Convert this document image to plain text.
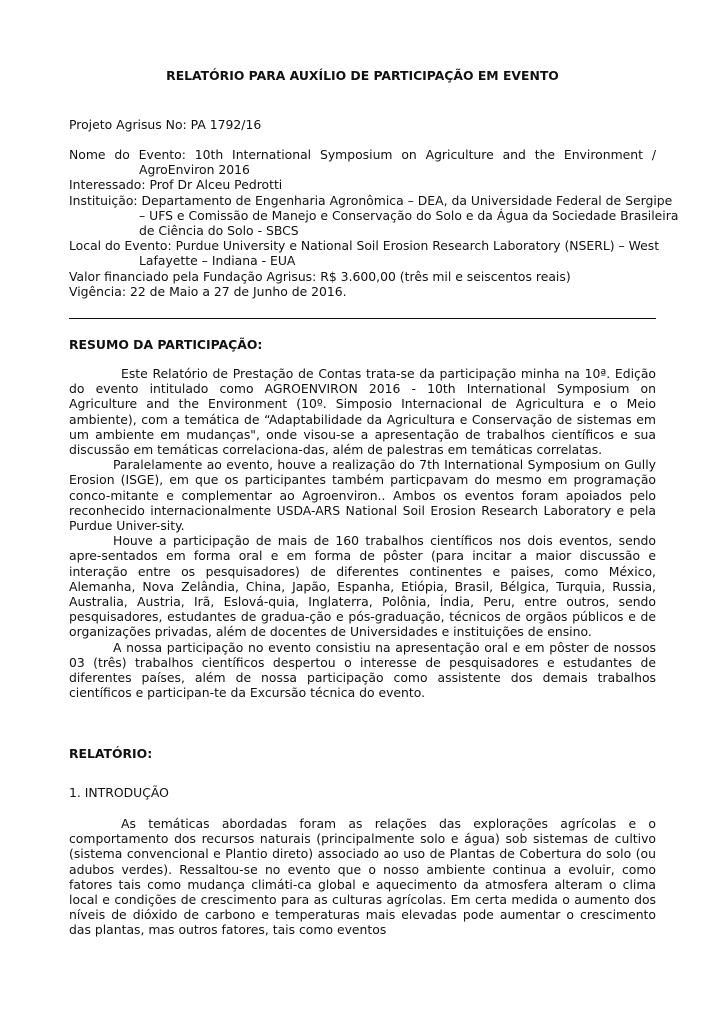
RELATÓRIO PARA AUXÍLIO DE PARTICIPAÇÃO EM EVENTO
Projeto Agrisus No: PA 1792/16
Nome do Evento: 10th International Symposium on Agriculture and the Environment /
AgroEnviron 2016
Interessado: Prof Dr Alceu Pedrotti
Instituição: Departamento de Engenharia Agronômica – DEA, da Universidade Federal de Sergipe
– UFS e Comissão de Manejo e Conservação do Solo e da Água da Sociedade Brasileira
de Ciência do Solo - SBCS
Local do Evento: Purdue University e National Soil Erosion Research Laboratory (NSERL) – West
Lafayette – Indiana - EUA
Valor financiado pela Fundação Agrisus: R$ 3.600,00 (três mil e seiscentos reais)
Vigência: 22 de Maio a 27 de Junho de 2016.
RESUMO DA PARTICIPAÇÃO:

Este Relatório de Prestação de Contas trata-se da participação minha na 10ª. Edição do evento intitulado como AGROENVIRON 2016 - 10th International Symposium on Agriculture and the Environment (10º. Simposio Internacional de Agricultura e o Meio ambiente), com a temática de “Adaptabilidade da Agricultura e Conservação de sistemas em um ambiente em mudanças", onde visou-se a apresentação de trabalhos científicos e sua discussão em temáticas correlaciona-das, além de palestras em temáticas correlatas.

Paralelamente ao evento, houve a realização do 7th International Symposium on Gully Erosion (ISGE), em que os participantes também particpavam do mesmo em programação conco-mitante e complementar ao Agroenviron.. Ambos os eventos foram apoiados pelo reconhecido internacionalmente USDA-ARS National Soil Erosion Research Laboratory e pela Purdue Univer-sity.

Houve a participação de mais de 160 trabalhos científicos nos dois eventos, sendo apre-sentados em forma oral e em forma de pôster (para incitar a maior discussão e interação entre os pesquisadores) de diferentes continentes e paises, como México, Alemanha, Nova Zelândia, China, Japão, Espanha, Etiópia, Brasil, Bélgica, Turquia, Russia, Australia, Austria, Irã, Eslová-quia, Inglaterra, Polônia, Índia, Peru, entre outros, sendo pesquisadores, estudantes de gradua-ção e pós-graduação, técnicos de orgãos públicos e de organizações privadas, além de docentes de Universidades e instituições de ensino.

A nossa participação no evento consistiu na apresentação oral e em pôster de nossos 03 (três) trabalhos científicos despertou o interesse de pesquisadores e estudantes de diferentes países, além de nossa participação como assistente dos demais trabalhos científicos e participan-te da Excursão técnica do evento.

RELATÓRIO:
1. INTRODUÇÃO

As temáticas abordadas foram as relações das explorações agrícolas e o comportamento dos recursos naturais (principalmente solo e água) sob sistemas de cultivo (sistema convencional e Plantio direto) associado ao uso de Plantas de Cobertura do solo (ou adubos verdes). Ressaltou-se no evento que o nosso ambiente continua a evoluir, como fatores tais como mudança climáti-ca global e aquecimento da atmosfera alteram o clima local e condições de crescimento para as culturas agrícolas. Em certa medida o aumento dos níveis de dióxido de carbono e temperaturas mais elevadas pode aumentar o crescimento das plantas, mas outros fatores, tais como eventos
